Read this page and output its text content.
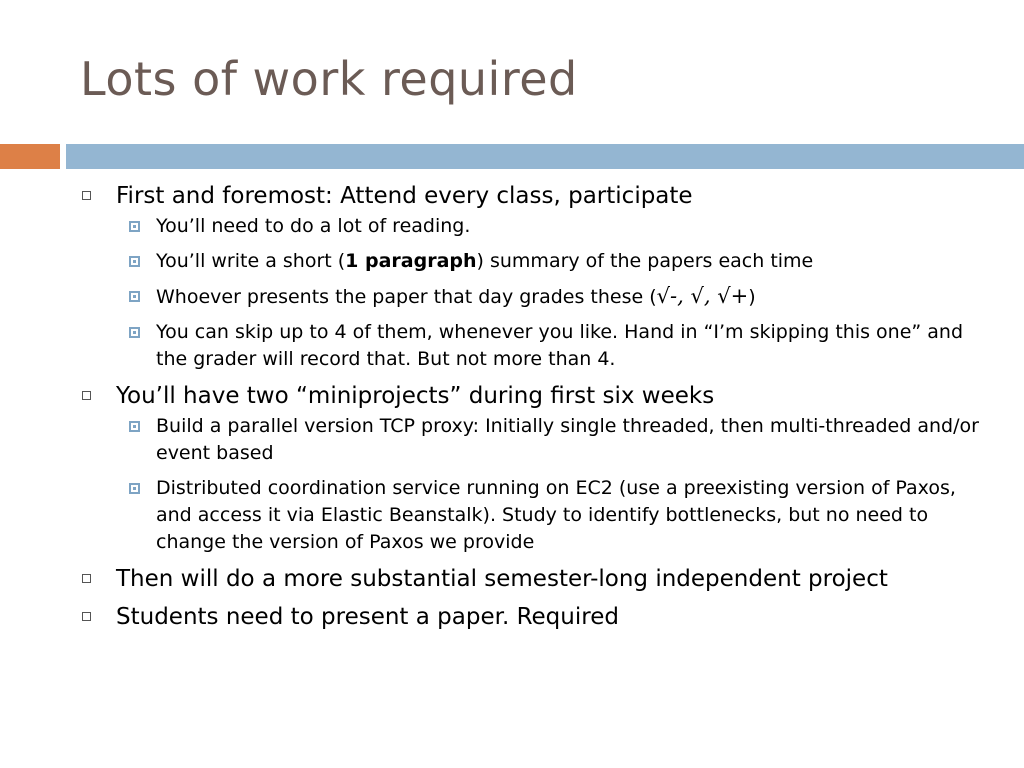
Lots of work required
First and foremost: Attend every class, participate
You’ll need to do a lot of reading.
You’ll write a short (1 paragraph) summary of the papers each time
Whoever presents the paper that day grades these (√-, √, √+)
You can skip up to 4 of them, whenever you like. Hand in “I’m skipping this one” and the grader will record that. But not more than 4.
You’ll have two “miniprojects” during first six weeks
Build a parallel version TCP proxy: Initially single threaded, then multi-threaded and/or event based
Distributed coordination service running on EC2 (use a preexisting version of Paxos, and access it via Elastic Beanstalk). Study to identify bottlenecks, but no need to change the version of Paxos we provide
Then will do a more substantial semester-long independent project
Students need to present a paper. Required
